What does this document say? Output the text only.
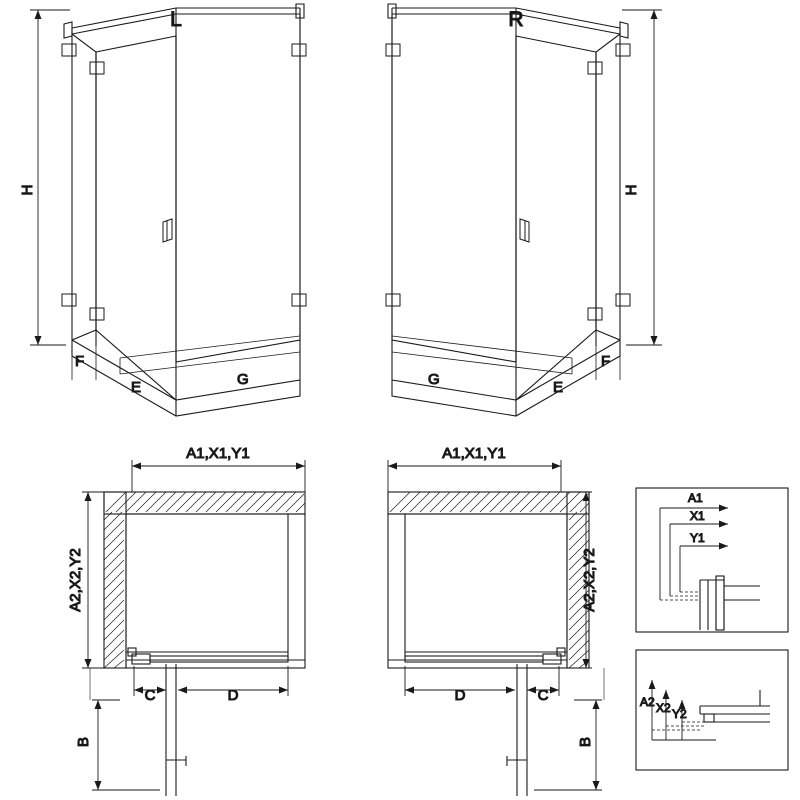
F
E	G
L
H
F
E
G
R
H
A1,X1,Y1
A2,X2,Y2
C	D
B
A1,X1,Y1
A2,X2,Y2
D	C
B
A1
X1
Y1
A2 X2 Y2
